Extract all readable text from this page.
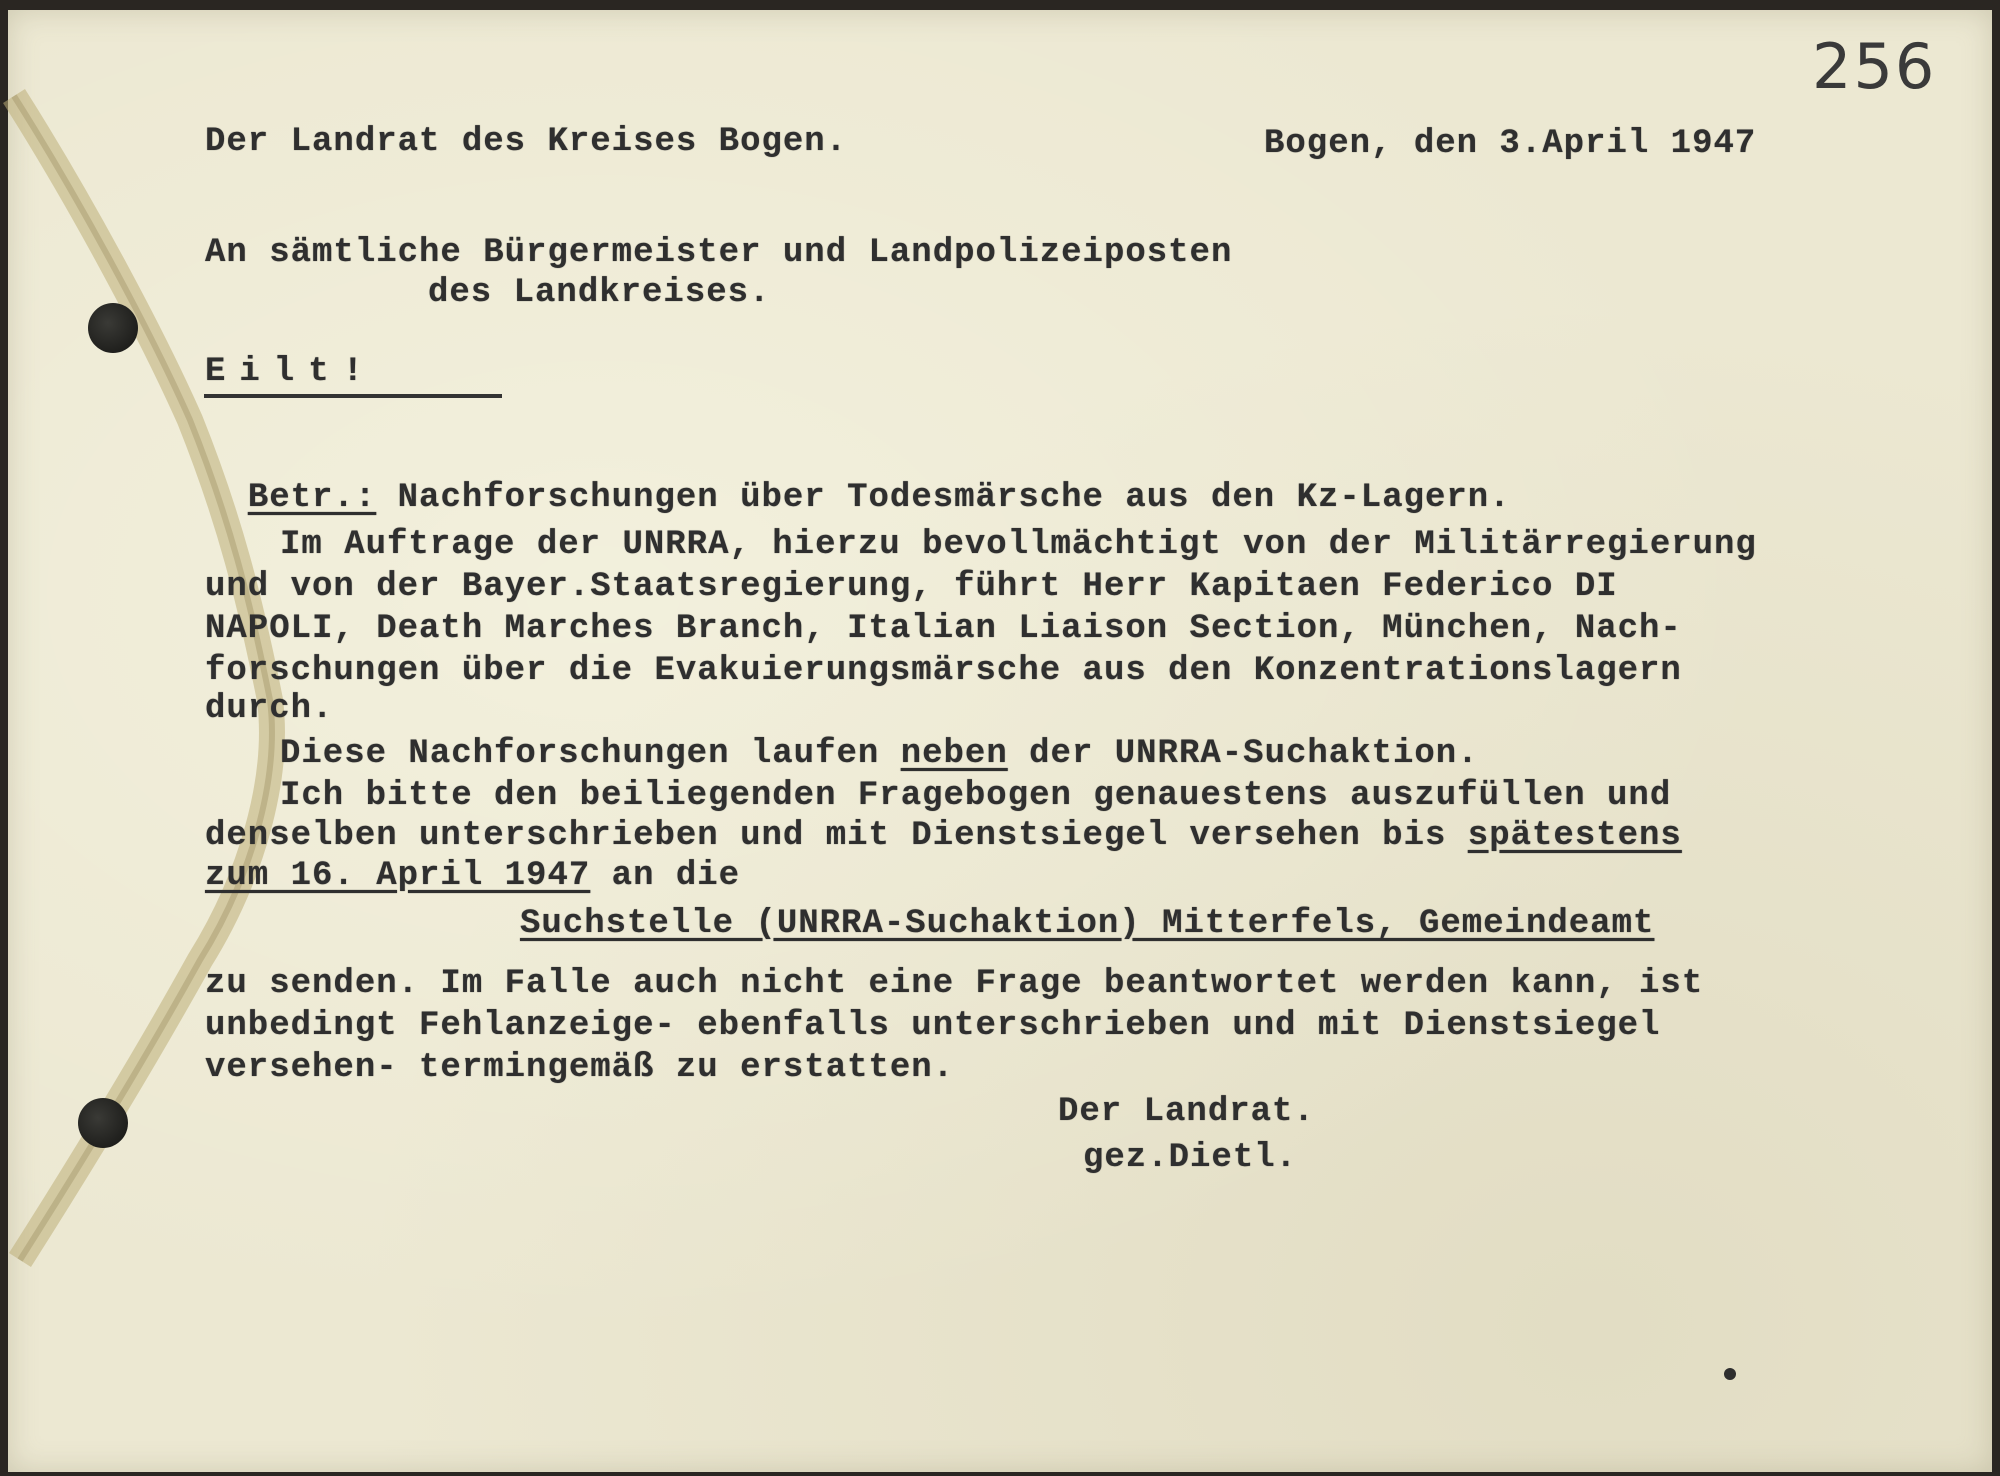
256
Der Landrat des Kreises Bogen.	Bogen, den 3.April 1947
An sämtliche Bürgermeister und Landpolizeiposten
des Landkreises.
Eilt!

Betr.: Nachforschungen über Todesmärsche aus den Kz-Lagern.

Im Auftrage der UNRRA, hierzu bevollmächtigt von der Militärregierung
und von der Bayer.Staatsregierung, führt Herr Kapitaen Federico DI
NAPOLI, Death Marches Branch, Italian Liaison Section, München, Nach-
forschungen über die Evakuierungsmärsche aus den Konzentrationslagern
durch.
Diese Nachforschungen laufen neben der UNRRA-Suchaktion.
Ich bitte den beiliegenden Fragebogen genauestens auszufüllen und
denselben unterschrieben und mit Dienstsiegel versehen bis spätestens
zum 16. April 1947 an die
Suchstelle (UNRRA-Suchaktion) Mitterfels, Gemeindeamt
zu senden. Im Falle auch nicht eine Frage beantwortet werden kann, ist
unbedingt Fehlanzeige- ebenfalls unterschrieben und mit Dienstsiegel
versehen- termingemäß zu erstatten.
Der Landrat.
gez.Dietl.
